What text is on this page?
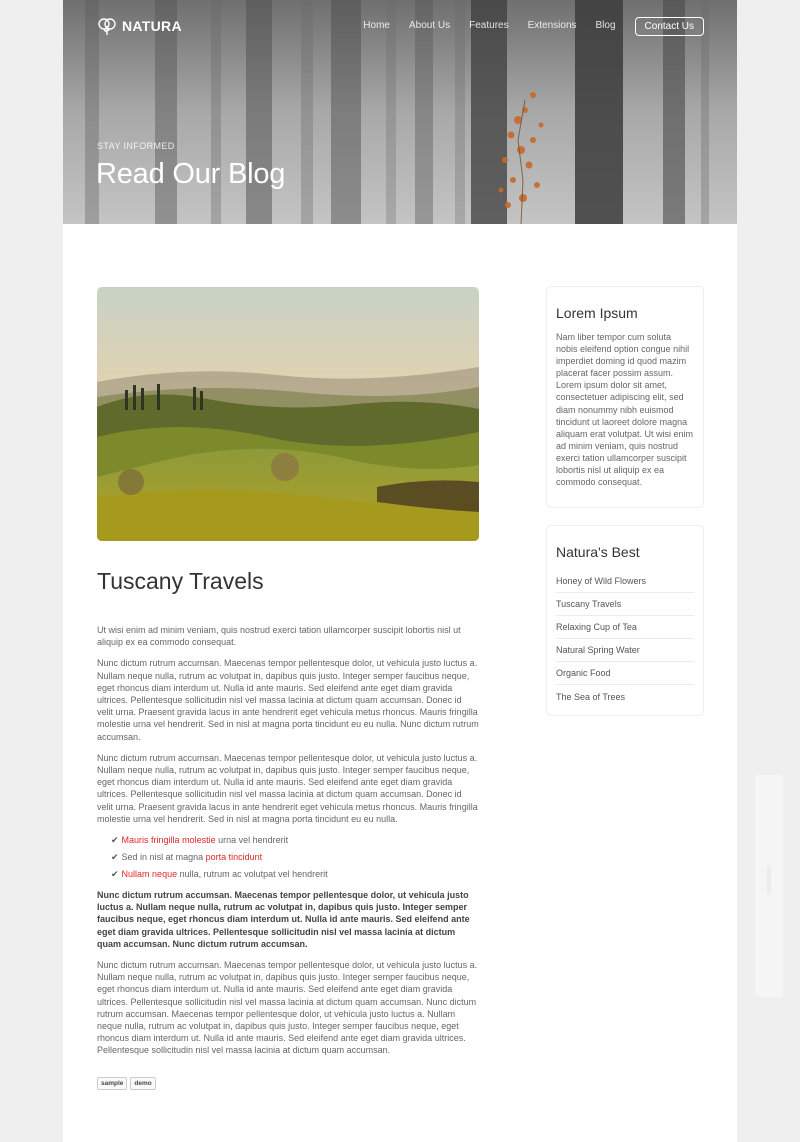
NATURA	Home About Us Features Extensions Blog	Contact Us
STAY INFORMED
Read Our Blog
Tuscany Travels

Ut wisi enim ad minim veniam, quis nostrud exerci tation ullamcorper suscipit lobortis nisl ut aliquip ex ea commodo consequat.

Nunc dictum rutrum accumsan. Maecenas tempor pellentesque dolor, ut vehicula justo luctus a. Nullam neque nulla, rutrum ac volutpat in, dapibus quis justo. Integer semper faucibus neque, eget rhoncus diam interdum ut. Nulla id ante mauris. Sed eleifend ante eget diam gravida ultrices. Pellentesque sollicitudin nisl vel massa lacinia at dictum quam accumsan. Donec id velit urna. Praesent gravida lacus in ante hendrerit eget vehicula metus rhoncus. Mauris fringilla molestie urna vel hendrerit. Sed in nisl at magna porta tincidunt eu eu nulla. Nunc dictum rutrum accumsan.

Nunc dictum rutrum accumsan. Maecenas tempor pellentesque dolor, ut vehicula justo luctus a. Nullam neque nulla, rutrum ac volutpat in, dapibus quis justo. Integer semper faucibus neque, eget rhoncus diam interdum ut. Nulla id ante mauris. Sed eleifend ante eget diam gravida ultrices. Pellentesque sollicitudin nisl vel massa lacinia at dictum quam accumsan. Donec id velit urna. Praesent gravida lacus in ante hendrerit eget vehicula metus rhoncus. Mauris fringilla molestie urna vel hendrerit. Sed in nisl at magna porta tincidunt eu eu nulla.

✔ Mauris fringilla molestie urna vel hendrerit
✔ Sed in nisl at magna porta tincidunt
✔ Nullam neque nulla, rutrum ac volutpat vel hendrerit

Nunc dictum rutrum accumsan. Maecenas tempor pellentesque dolor, ut vehicula justo luctus a. Nullam neque nulla, rutrum ac volutpat in, dapibus quis justo. Integer semper faucibus neque, eget rhoncus diam interdum ut. Nulla id ante mauris. Sed eleifend ante eget diam gravida ultrices. Pellentesque sollicitudin nisl vel massa lacinia at dictum quam accumsan. Nunc dictum rutrum accumsan.

Nunc dictum rutrum accumsan. Maecenas tempor pellentesque dolor, ut vehicula justo luctus a. Nullam neque nulla, rutrum ac volutpat in, dapibus quis justo. Integer semper faucibus neque, eget rhoncus diam interdum ut. Nulla id ante mauris. Sed eleifend ante eget diam gravida ultrices. Pellentesque sollicitudin nisl vel massa lacinia at dictum quam accumsan. Nunc dictum rutrum accumsan. Maecenas tempor pellentesque dolor, ut vehicula justo luctus a. Nullam neque nulla, rutrum ac volutpat in, dapibus quis justo. Integer semper faucibus neque, eget rhoncus diam interdum ut. Nulla id ante mauris. Sed eleifend ante eget diam gravida ultrices. Pellentesque sollicitudin nisl vel massa lacinia at dictum quam accumsan.

sample	demo
Lorem Ipsum
Nam liber tempor cum soluta nobis eleifend option congue nihil imperdiet doming id quod mazim placerat facer possim assum. Lorem ipsum dolor sit amet, consectetuer adipiscing elit, sed diam nonummy nibh euismod tincidunt ut laoreet dolore magna aliquam erat volutpat. Ut wisi enim ad minim veniam, quis nostrud exerci tation ullamcorper suscipit lobortis nisl ut aliquip ex ea commodo consequat.
Natura's Best
Honey of Wild Flowers
Tuscany Travels
Relaxing Cup of Tea
Natural Spring Water
Organic Food
The Sea of Trees
